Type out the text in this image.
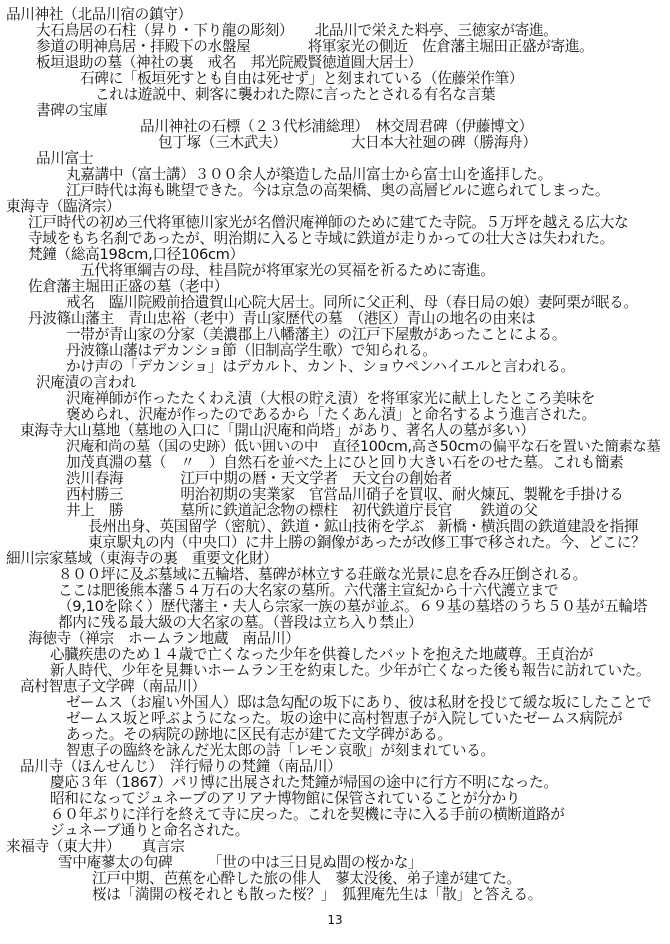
品川神社（北品川宿の鎮守）
大石鳥居の石柱（昇り・下り龍の彫刻）　　北品川で栄えた料亭、三徳家が寄進。
参道の明神鳥居・拝殿下の水盤屋　　　　将軍家光の側近　佐倉藩主堀田正盛が寄進。
板垣退助の墓（神社の裏　戒名　邦光院殿賢徳道圓大居士）
石碑に「板垣死すとも自由は死せず」と刻まれている（佐藤栄作筆）
これは遊説中、刺客に襲われた際に言ったとされる有名な言葉
書碑の宝庫
品川神社の石標（２３代杉浦総理）　林交周君碑（伊藤博文）
包丁塚（三木武夫）　　　　　大日本大社廻の碑（勝海舟）
品川富士
丸嘉講中（富士講）３００余人が築造した品川富士から富士山を遙拝した。
江戸時代は海も眺望できた。今は京急の高架橋、奥の高層ビルに遮られてしまった。
東海寺（臨済宗）
江戸時代の初め三代将軍徳川家光が名僧沢庵禅師のために建てた寺院。５万坪を越える広大な
寺域をもち名刹であったが、明治期に入ると寺域に鉄道が走りかっての壮大さは失われた。
梵鐘（総高198cm,口径106cm）
五代将軍綱吉の母、桂昌院が将軍家光の冥福を祈るために寄進。
佐倉藩主堀田正盛の墓（老中）
戒名　臨川院殿前拾遺賀山心院大居士。同所に父正利、母（春日局の娘）妻阿栗が眠る。
丹波篠山藩主　青山忠裕（老中）青山家歴代の墓　（港区）青山の地名の由来は
一帯が青山家の分家（美濃郡上八幡藩主）の江戸下屋敷があったことによる。
丹波篠山藩はデカンショ節（旧制高学生歌）で知られる。
かけ声の「デカンショ」はデカルト、カント、ショウペンハイエルと言われる。
沢庵漬の言われ
沢庵禅師が作ったたくわえ漬（大根の貯え漬）を将軍家光に献上したところ美味を
褒められ、沢庵が作ったのであるから「たくあん漬」と命名するよう進言された。
東海寺大山墓地（墓地の入口に「開山沢庵和尚塔」があり、著名人の墓が多い）
沢庵和尚の墓（国の史跡）低い囲いの中　直径100cm,高さ50cmの偏平な石を置いた簡素な墓
加茂真淵の墓（　〃　）自然石を並べた上にひと回り大きい石をのせた墓。これも簡素
渋川春海　　　　江戸中期の暦・天文学者　天文台の創始者
西村勝三　　　　明治初期の実業家　官営品川硝子を買収、耐火煉瓦、製靴を手掛ける
井上　勝　　　　墓所に鉄道記念物の標柱　初代鉄道庁長官　　鉄道の父
長州出身、英国留学（密航）、鉄道・鉱山技術を学ぶ　新橋・横浜間の鉄道建設を指揮
東京駅丸の内（中央口）に井上勝の銅像があったが改修工事で移された。今、どこに？
細川宗家墓域（東海寺の裏　重要文化財）
８００坪に及ぶ墓域に五輪塔、墓碑が林立する荘厳な光景に息を呑み圧倒される。
ここは肥後熊本藩５４万石の大名家の墓所。六代藩主宣紀から十六代護立まで
（9,10を除く）歴代藩主・夫人ら宗家一族の墓が並ぶ。６９基の墓塔のうち５０基が五輪塔
都内に残る最大級の大名家の墓。（普段は立ち入り禁止）
海徳寺（禅宗　ホームラン地蔵　南品川）
心臓疾患のため１４歳で亡くなった少年を供養したバットを抱えた地蔵尊。王貞治が
新人時代、少年を見舞いホームラン王を約束した。少年が亡くなった後も報告に訪れていた。
高村智恵子文学碑（南品川）
13
ゼームス（お雇い外国人）邸は急勾配の坂下にあり、彼は私財を投じて緩な坂にしたことで
ゼームス坂と呼ぶようになった。坂の途中に高村智恵子が入院していたゼームス病院が
あった。その病院の跡地に区民有志が建てた文学碑がある。
智恵子の臨終を詠んだ光太郎の詩「レモン哀歌」が刻まれている。
品川寺（ほんせんじ）　洋行帰りの梵鐘（南品川）
慶応３年（1867）パリ博に出展された梵鐘が帰国の途中に行方不明になった。
昭和になってジュネーブのアリアナ博物館に保管されていることが分かり
６０年ぶりに洋行を終えて寺に戻った。これを契機に寺に入る手前の横断道路が
ジュネーブ通りと命名された。
来福寺（東大井）　　真言宗
雪中庵蓼太の句碑　　　「世の中は三日見ぬ間の桜かな」
江戸中期、芭蕉を心酔した旅の俳人　蓼太没後、弟子達が建てた。
桜は「満開の桜それとも散った桜？」　狐狸庵先生は「散」と答える。
